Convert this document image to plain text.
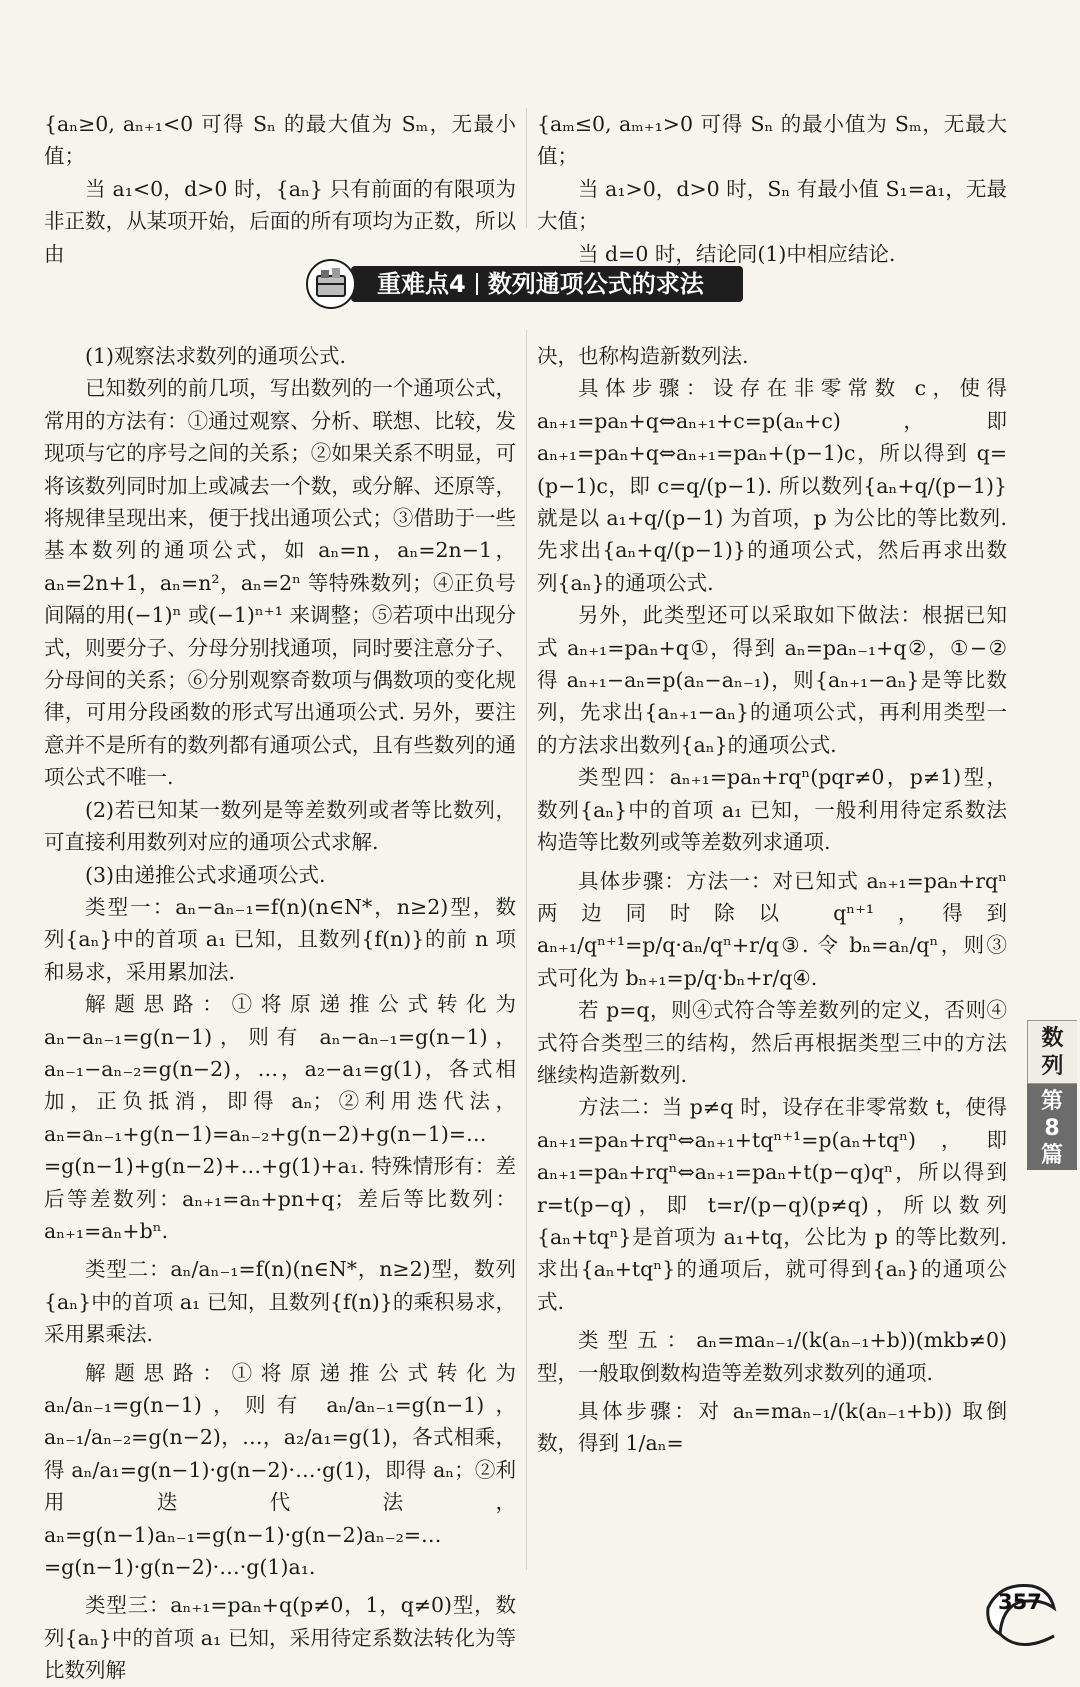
{aₙ≥0, aₙ₊₁<0 可得 Sₙ 的最大值为 Sₘ，无最小值；

当 a₁<0，d>0 时，{aₙ} 只有前面的有限项为非正数，从某项开始，后面的所有项均为正数，所以由

{aₘ≤0, aₘ₊₁>0 可得 Sₙ 的最小值为 Sₘ，无最大值；

当 a₁>0，d>0 时，Sₙ 有最小值 S₁=a₁，无最大值；

当 d=0 时，结论同(1)中相应结论.

重难点4 数列通项公式的求法

(1)观察法求数列的通项公式.

已知数列的前几项，写出数列的一个通项公式，常用的方法有：①通过观察、分析、联想、比较，发现项与它的序号之间的关系；②如果关系不明显，可将该数列同时加上或减去一个数，或分解、还原等，将规律呈现出来，便于找出通项公式；③借助于一些基本数列的通项公式，如 aₙ=n，aₙ=2n−1，aₙ=2n+1，aₙ=n²，aₙ=2ⁿ 等特殊数列；④正负号间隔的用(−1)ⁿ 或(−1)ⁿ⁺¹ 来调整；⑤若项中出现分式，则要分子、分母分别找通项，同时要注意分子、分母间的关系；⑥分别观察奇数项与偶数项的变化规律，可用分段函数的形式写出通项公式. 另外，要注意并不是所有的数列都有通项公式，且有些数列的通项公式不唯一.

(2)若已知某一数列是等差数列或者等比数列，可直接利用数列对应的通项公式求解.

(3)由递推公式求通项公式.

类型一：aₙ−aₙ₋₁=f(n)(n∈N*，n≥2)型，数列{aₙ}中的首项 a₁ 已知，且数列{f(n)}的前 n 项和易求，采用累加法.

解题思路：①将原递推公式转化为 aₙ−aₙ₋₁=g(n−1)，则有 aₙ−aₙ₋₁=g(n−1)，aₙ₋₁−aₙ₋₂=g(n−2)，…，a₂−a₁=g(1)，各式相加，正负抵消，即得 aₙ；②利用迭代法，aₙ=aₙ₋₁+g(n−1)=aₙ₋₂+g(n−2)+g(n−1)=…=g(n−1)+g(n−2)+…+g(1)+a₁. 特殊情形有：差后等差数列：aₙ₊₁=aₙ+pn+q；差后等比数列：aₙ₊₁=aₙ+bⁿ.

类型二：aₙ/aₙ₋₁=f(n)(n∈N*，n≥2)型，数列{aₙ}中的首项 a₁ 已知，且数列{f(n)}的乘积易求，采用累乘法.

解题思路：①将原递推公式转化为 aₙ/aₙ₋₁=g(n−1)，则有 aₙ/aₙ₋₁=g(n−1)，aₙ₋₁/aₙ₋₂=g(n−2)，…，a₂/a₁=g(1)，各式相乘，得 aₙ/a₁=g(n−1)·g(n−2)·…·g(1)，即得 aₙ；②利用迭代法，aₙ=g(n−1)aₙ₋₁=g(n−1)·g(n−2)aₙ₋₂=…=g(n−1)·g(n−2)·…·g(1)a₁.

类型三：aₙ₊₁=paₙ+q(p≠0，1，q≠0)型，数列{aₙ}中的首项 a₁ 已知，采用待定系数法转化为等比数列解

决，也称构造新数列法.

具体步骤：设存在非零常数 c，使得 aₙ₊₁=paₙ+q⇔aₙ₊₁+c=p(aₙ+c)，即 aₙ₊₁=paₙ+q⇔aₙ₊₁=paₙ+(p−1)c，所以得到 q=(p−1)c，即 c=q/(p−1). 所以数列{aₙ+q/(p−1)}就是以 a₁+q/(p−1) 为首项，p 为公比的等比数列. 先求出{aₙ+q/(p−1)}的通项公式，然后再求出数列{aₙ}的通项公式.

另外，此类型还可以采取如下做法：根据已知式 aₙ₊₁=paₙ+q①，得到 aₙ=paₙ₋₁+q②，①−②得 aₙ₊₁−aₙ=p(aₙ−aₙ₋₁)，则{aₙ₊₁−aₙ}是等比数列，先求出{aₙ₊₁−aₙ}的通项公式，再利用类型一的方法求出数列{aₙ}的通项公式.

类型四：aₙ₊₁=paₙ+rqⁿ(pqr≠0，p≠1)型，数列{aₙ}中的首项 a₁ 已知，一般利用待定系数法构造等比数列或等差数列求通项.

具体步骤：方法一：对已知式 aₙ₊₁=paₙ+rqⁿ 两边同时除以 qⁿ⁺¹，得到 aₙ₊₁/qⁿ⁺¹=p/q·aₙ/qⁿ+r/q③. 令 bₙ=aₙ/qⁿ，则③式可化为 bₙ₊₁=p/q·bₙ+r/q④.

若 p=q，则④式符合等差数列的定义，否则④式符合类型三的结构，然后再根据类型三中的方法继续构造新数列.

方法二：当 p≠q 时，设存在非零常数 t，使得 aₙ₊₁=paₙ+rqⁿ⇔aₙ₊₁+tqⁿ⁺¹=p(aₙ+tqⁿ)，即 aₙ₊₁=paₙ+rqⁿ⇔aₙ₊₁=paₙ+t(p−q)qⁿ，所以得到 r=t(p−q)，即 t=r/(p−q)(p≠q)，所以数列{aₙ+tqⁿ}是首项为 a₁+tq，公比为 p 的等比数列. 求出{aₙ+tqⁿ}的通项后，就可得到{aₙ}的通项公式.

类型五：aₙ=maₙ₋₁/(k(aₙ₋₁+b))(mkb≠0)型，一般取倒数构造等差数列求数列的通项.

具体步骤：对 aₙ=maₙ₋₁/(k(aₙ₋₁+b)) 取倒数，得到 1/aₙ=

数列
第8篇
357
